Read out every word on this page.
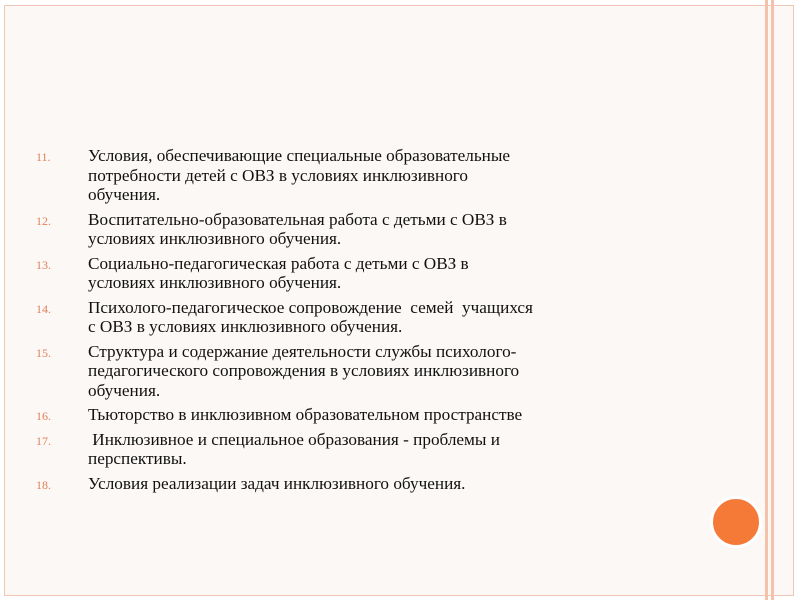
11.	Условия, обеспечивающие специальные образовательные
потребности детей с ОВЗ в условиях инклюзивного
обучения.
12.	Воспитательно-образовательная работа с детьми с ОВЗ в
условиях инклюзивного обучения.
13.	Социально-педагогическая работа с детьми с ОВЗ в
условиях инклюзивного обучения.
14.	Психолого-педагогическое сопровождение  семей  учащихся
с ОВЗ в условиях инклюзивного обучения.
15.	Структура и содержание деятельности службы психолого-
педагогического сопровождения в условиях инклюзивного
обучения.
16.	Тьюторство в инклюзивном образовательном пространстве
17.	Инклюзивное и специальное образования - проблемы и
перспективы.
18.	Условия реализации задач инклюзивного обучения.
